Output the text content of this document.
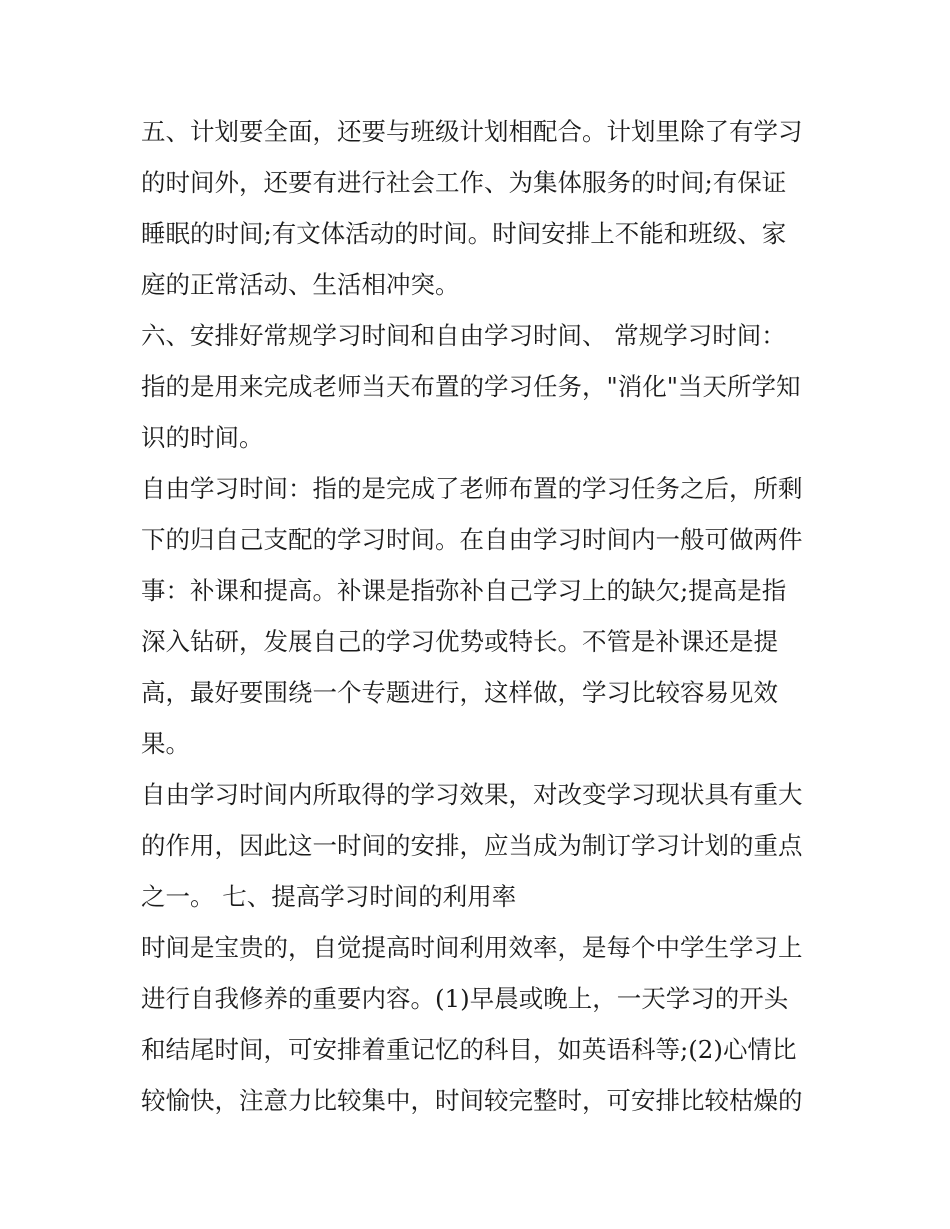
五、计划要全面，还要与班级计划相配合。计划里除了有学习
的时间外，还要有进行社会工作、为集体服务的时间;有保证
睡眠的时间;有文体活动的时间。时间安排上不能和班级、家
庭的正常活动、生活相冲突。

六、安排好常规学习时间和自由学习时间、 常规学习时间：
指的是用来完成老师当天布置的学习任务，"消化"当天所学知
识的时间。

自由学习时间：指的是完成了老师布置的学习任务之后，所剩
下的归自己支配的学习时间。在自由学习时间内一般可做两件
事：补课和提高。补课是指弥补自己学习上的缺欠;提高是指
深入钻研，发展自己的学习优势或特长。不管是补课还是提
高，最好要围绕一个专题进行，这样做，学习比较容易见效
果。

自由学习时间内所取得的学习效果，对改变学习现状具有重大
的作用，因此这一时间的安排，应当成为制订学习计划的重点
之一。 七、提高学习时间的利用率

时间是宝贵的，自觉提高时间利用效率，是每个中学生学习上
进行自我修养的重要内容。(1)早晨或晚上，一天学习的开头
和结尾时间，可安排着重记忆的科目，如英语科等;(2)心情比
较愉快，注意力比较集中，时间较完整时，可安排比较枯燥的
